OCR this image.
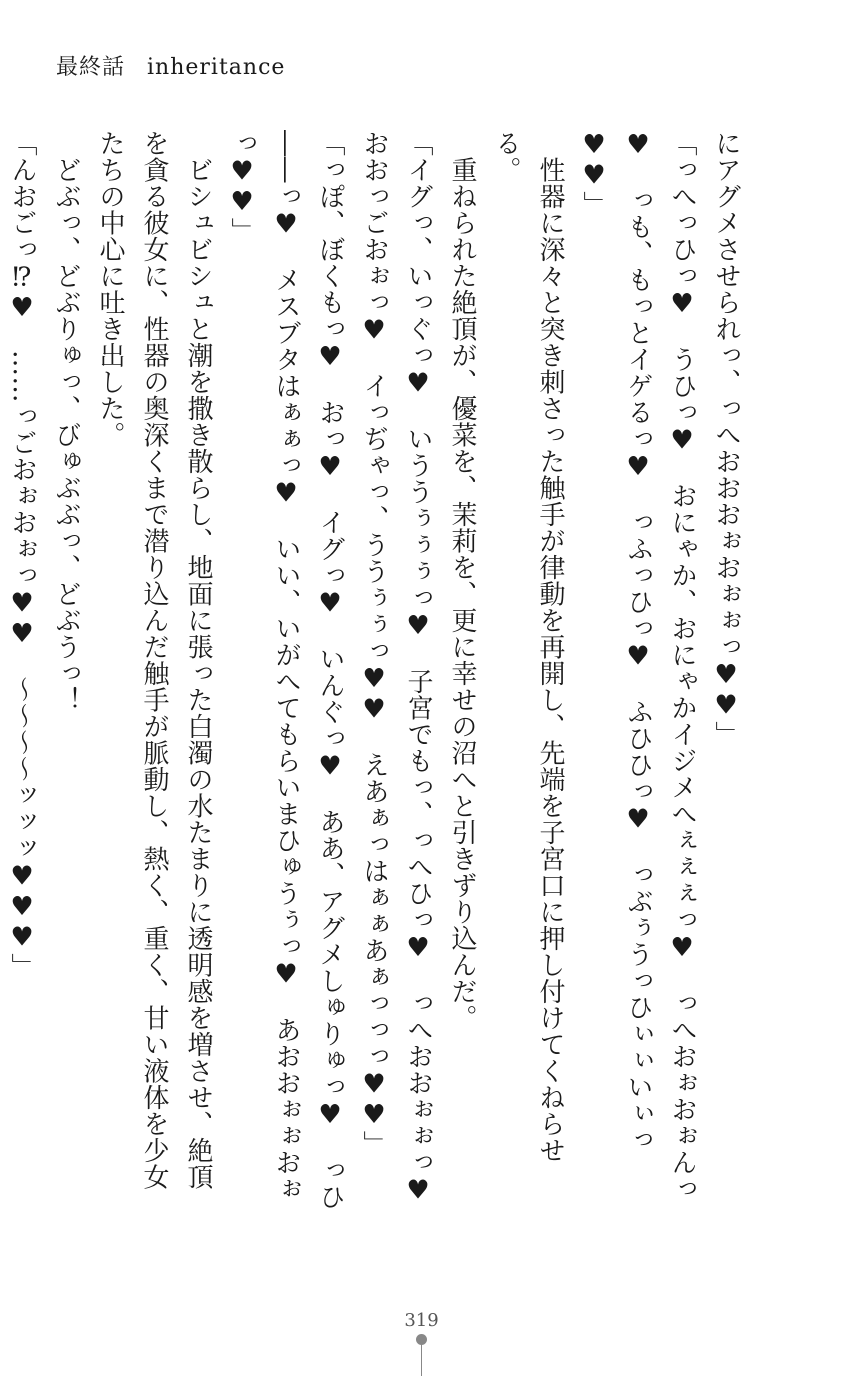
最終話 inheritance

にアグメさせられっ、っへおおおぉおぉぉっ♥♥」

「っへっひっ♥　うひっ♥　おにゃか、おにゃかイジメへぇぇぇっ♥　っへおぉおぉんっ♥　っも、もっとイゲるっ♥　っふっひっ♥　ふひひっ♥　っぶぅうっひぃぃいぃっ♥♥」

　性器に深々と突き刺さった触手が律動を再開し、先端を子宮口に押し付けてくねらせる。

　重ねられた絶頂が、優菜を、茉莉を、更に幸せの沼へと引きずり込んだ。

「イグっ、いっぐっ♥　いううぅぅぅっ♥　子宮でもっ、っへひっ♥　っへおおぉぉっ♥　おおっごおぉっ♥　イっぢゃっ、ううぅぅっ♥♥　えあぁっはぁぁあぁっっっ♥♥」

「っぽ、ぼくもっ♥　おっ♥　イグっ♥　いんぐっ♥　ああ、アグメしゅりゅっ♥　っひ――っ♥　メスブタはぁぁっ♥　いい、いがへてもらいまひゅうぅっ♥　あおおぉぉおぉっ♥♥」

　ビシュビシュと潮を撒き散らし、地面に張った白濁の水たまりに透明感を増させ、絶頂を貪る彼女に、性器の奥深くまで潜り込んだ触手が脈動し、熱く、重く、甘い液体を少女たちの中心に吐き出した。

　どぶっ、どぶりゅっ、びゅぶぶっ、どぶうっ！

「んおごっ⁉♥　……っごおぉおぉっ♥♥　～～～～ッッッ♥♥♥」

319
